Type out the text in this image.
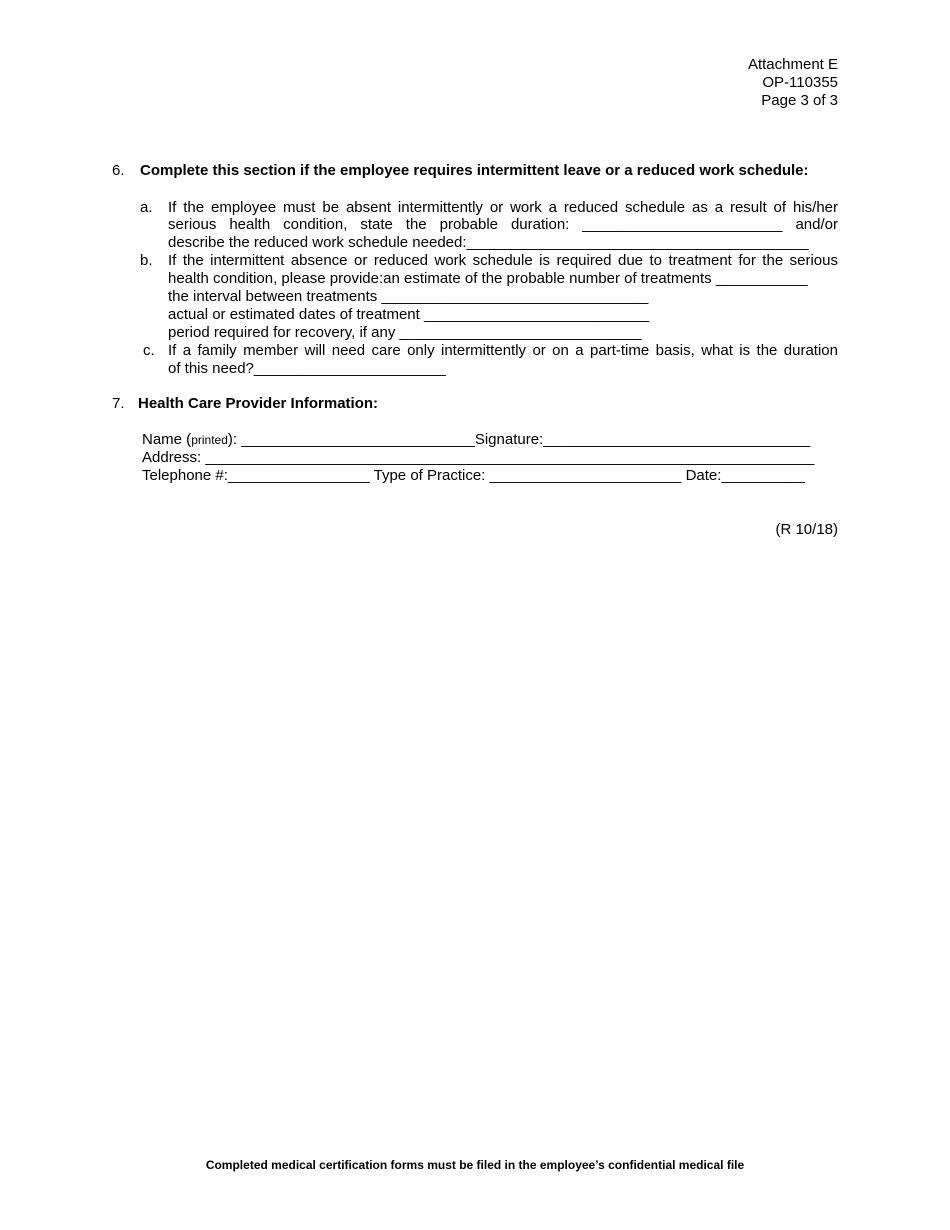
Attachment E
OP-110355
Page 3 of 3
6. Complete this section if the employee requires intermittent leave or a reduced work schedule:
a. If the employee must be absent intermittently or work a reduced schedule as a result of his/her
serious health condition, state the probable duration: ________________________ and/or
describe the reduced work schedule needed:_________________________________________
b. If the intermittent absence or reduced work schedule is required due to treatment for the serious
health condition, please provide:an estimate of the probable number of treatments ___________
the interval between treatments ________________________________
actual or estimated dates of treatment ___________________________
period required for recovery, if any _____________________________
c. If a family member will need care only intermittently or on a part-time basis, what is the duration
of this need?_______________________
7. Health Care Provider Information:
Name (printed): ____________________________Signature:________________________________
Address: _________________________________________________________________________
Telephone #:_________________ Type of Practice: _______________________ Date:__________
(R 10/18)
Completed medical certification forms must be filed in the employee’s confidential medical file
